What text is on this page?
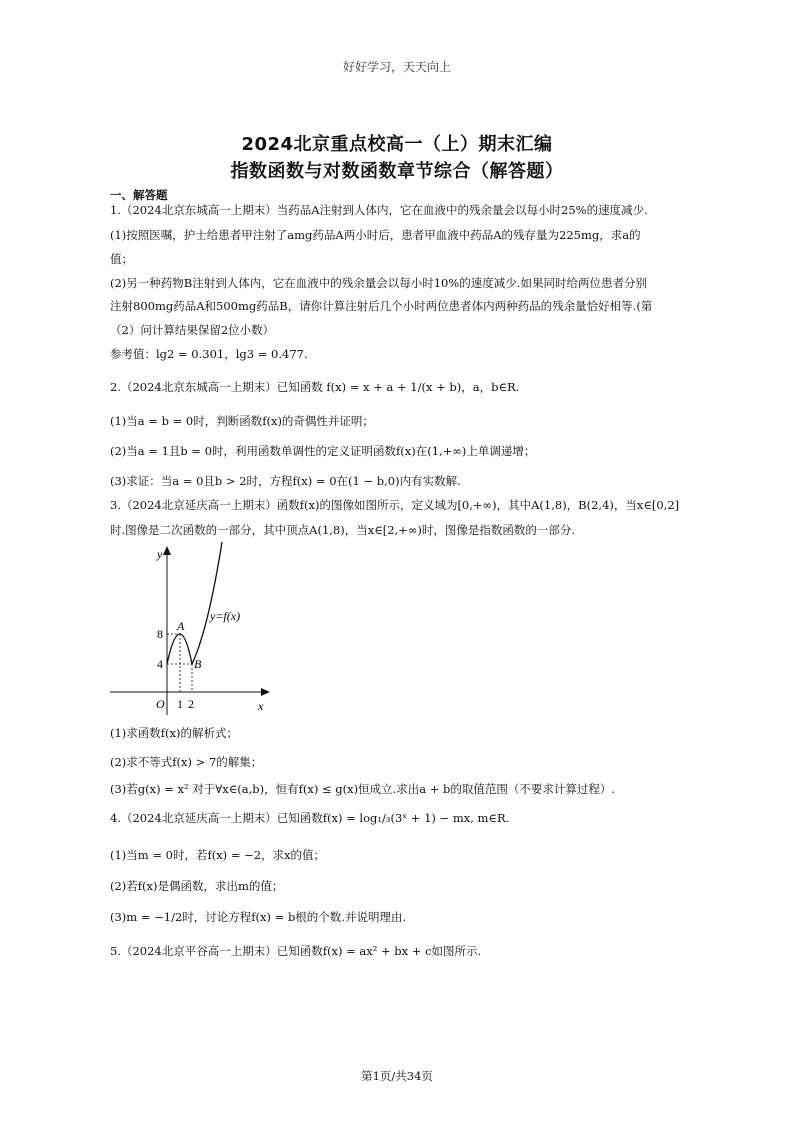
好好学习，天天向上
2024北京重点校高一（上）期末汇编
指数函数与对数函数章节综合（解答题）
一、解答题
1.（2024北京东城高一上期末）当药品A注射到人体内，它在血液中的残余量会以每小时25%的速度减少.
(1)按照医嘱，护士给患者甲注射了amg药品A两小时后，患者甲血液中药品A的残存量为225mg，求a的
值；
(2)另一种药物B注射到人体内，它在血液中的残余量会以每小时10%的速度减少.如果同时给两位患者分别
注射800mg药品A和500mg药品B，请你计算注射后几个小时两位患者体内两种药品的残余量恰好相等.(第
（2）问计算结果保留2位小数）
参考值：lg2 = 0.301，lg3 = 0.477.
2.（2024北京东城高一上期末）已知函数 f(x) = x + a + 1/(x + b)，a，b∈R.
(1)当a = b = 0时，判断函数f(x)的奇偶性并证明；
(2)当a = 1且b = 0时，利用函数单调性的定义证明函数f(x)在(1,+∞)上单调递增；
(3)求证：当a = 0且b > 2时，方程f(x) = 0在(1 − b,0)内有实数解.
3.（2024北京延庆高一上期末）函数f(x)的图像如图所示，定义域为[0,+∞)，其中A(1,8)，B(2,4)，当x∈[0,2]
时.图像是二次函数的一部分，其中顶点A(1,8)，当x∈[2,+∞)时，图像是指数函数的一部分.
y
x
O 1 2
8
4
A
B
y=f(x)
(1)求函数f(x)的解析式；
(2)求不等式f(x) > 7的解集；
(3)若g(x) = x² 对于∀x∈(a,b)，恒有f(x) ≤ g(x)恒成立.求出a + b的取值范围（不要求计算过程）.
4.（2024北京延庆高一上期末）已知函数f(x) = log₁/₃(3ˣ + 1) − mx, m∈R.
(1)当m = 0时，若f(x) = −2，求x的值；
(2)若f(x)是偶函数，求出m的值；
(3)m = −1/2时，讨论方程f(x) = b根的个数.并说明理由.
5.（2024北京平谷高一上期末）已知函数f(x) = ax² + bx + c如图所示.
第1页/共34页
